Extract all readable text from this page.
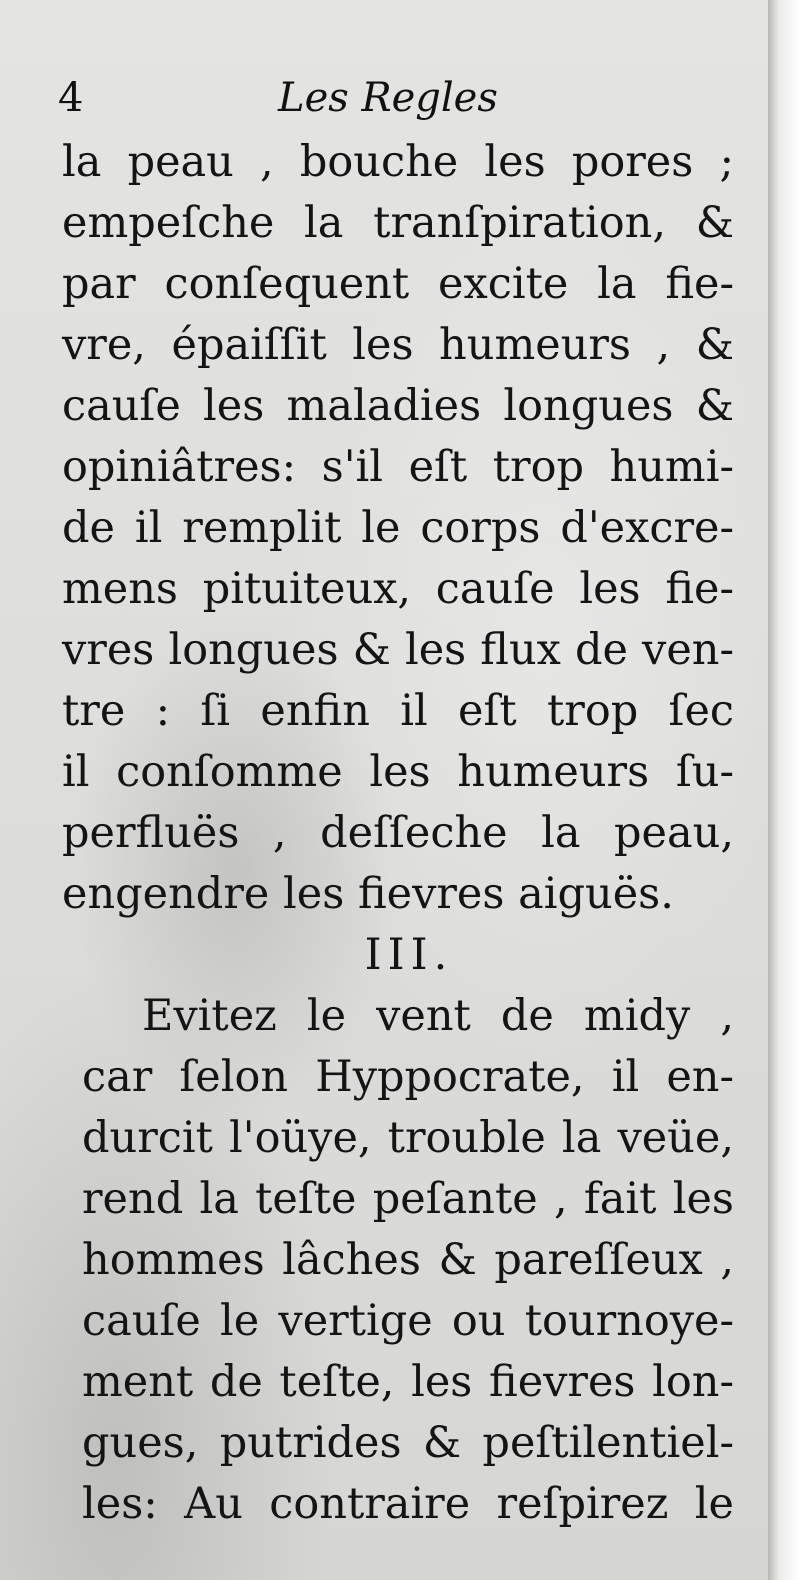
4	Les Regles
la peau , bouche les pores ;
empeſche la tranſpiration, &
par conſequent excite la fie-
vre, épaiſſit les humeurs , &
cauſe les maladies longues &
opiniâtres: s'il eſt trop humi-
de il remplit le corps d'excre-
mens pituiteux, cauſe les fie-
vres longues & les flux de ven-
tre : ſi enfin il eſt trop ſec
il conſomme les humeurs ſu-
perfluës , deſſeche la peau,
engendre les fievres aiguës.
III.
Evitez le vent de midy ,
car ſelon Hyppocrate, il en-
durcit l'oüye, trouble la veüe,
rend la teſte peſante , fait les
hommes lâches & pareſſeux ,
cauſe le vertige ou tournoye-
ment de teſte, les fievres lon-
gues, putrides & peſtilentiel-
les: Au contraire reſpirez le
